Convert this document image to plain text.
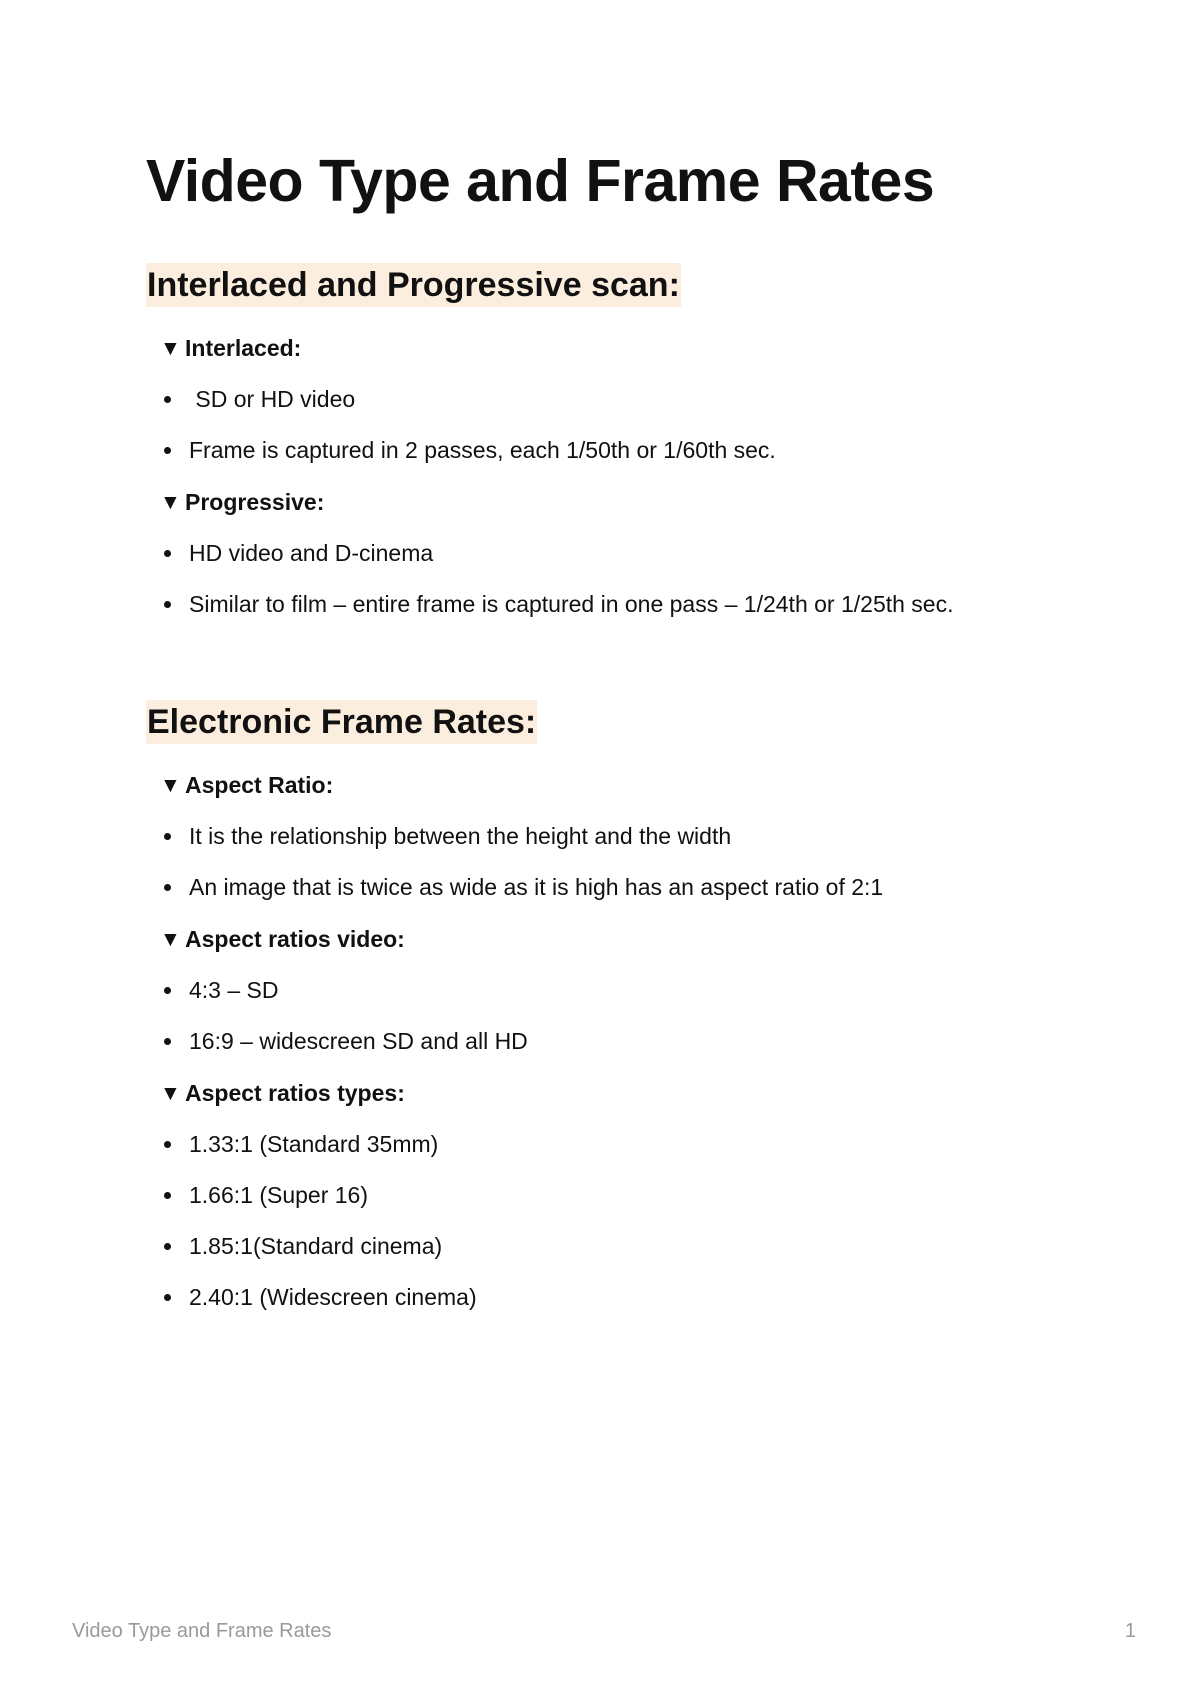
Video Type and Frame Rates
Interlaced and Progressive scan:
▼ Interlaced:
SD or HD video
Frame is captured in 2 passes, each 1/50th or 1/60th sec.
▼ Progressive:
HD video and D-cinema
Similar to film – entire frame is captured in one pass – 1/24th or 1/25th sec.
Electronic Frame Rates:
▼ Aspect Ratio:
It is the relationship between the height and the width
An image that is twice as wide as it is high has an aspect ratio of 2:1
▼ Aspect ratios video:
4:3 – SD
16:9 – widescreen SD and all HD
▼ Aspect ratios types:
1.33:1 (Standard 35mm)
1.66:1 (Super 16)
1.85:1(Standard cinema)
2.40:1 (Widescreen cinema)
Video Type and Frame Rates	1
